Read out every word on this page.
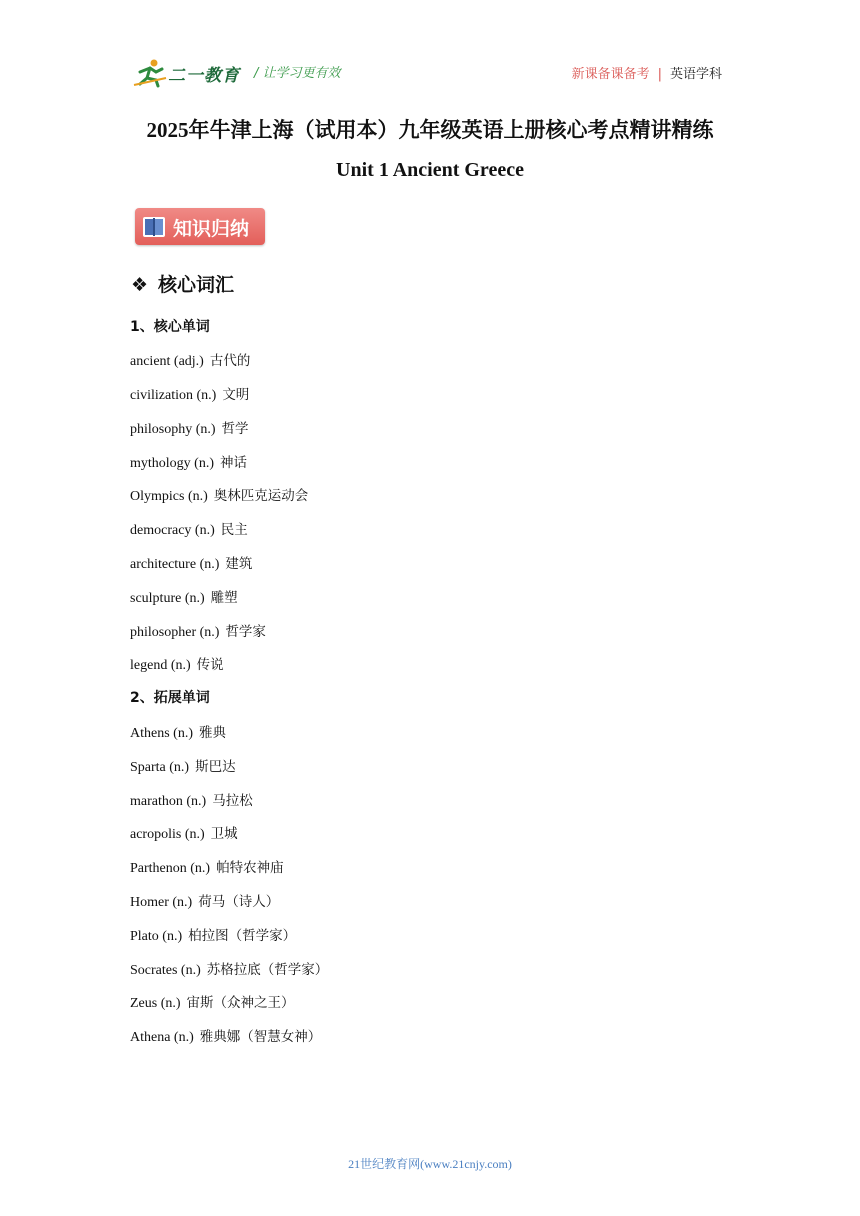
二一教育 / 让学习更有效	新课备课备考 | 英语学科
2025年牛津上海（试用本）九年级英语上册核心考点精讲精练
Unit 1 Ancient Greece
知识归纳
❖ 核心词汇
1、核心单词
ancient (adj.) 古代的
civilization (n.) 文明
philosophy (n.) 哲学
mythology (n.) 神话
Olympics (n.) 奥林匹克运动会
democracy (n.) 民主
architecture (n.) 建筑
sculpture (n.) 雕塑
philosopher (n.) 哲学家
legend (n.) 传说
2、拓展单词
Athens (n.) 雅典
Sparta (n.) 斯巴达
marathon (n.) 马拉松
acropolis (n.) 卫城
Parthenon (n.) 帕特农神庙
Homer (n.) 荷马（诗人）
Plato (n.) 柏拉图（哲学家）
Socrates (n.) 苏格拉底（哲学家）
Zeus (n.) 宙斯（众神之王）
Athena (n.) 雅典娜（智慧女神）
21世纪教育网(www.21cnjy.com)
